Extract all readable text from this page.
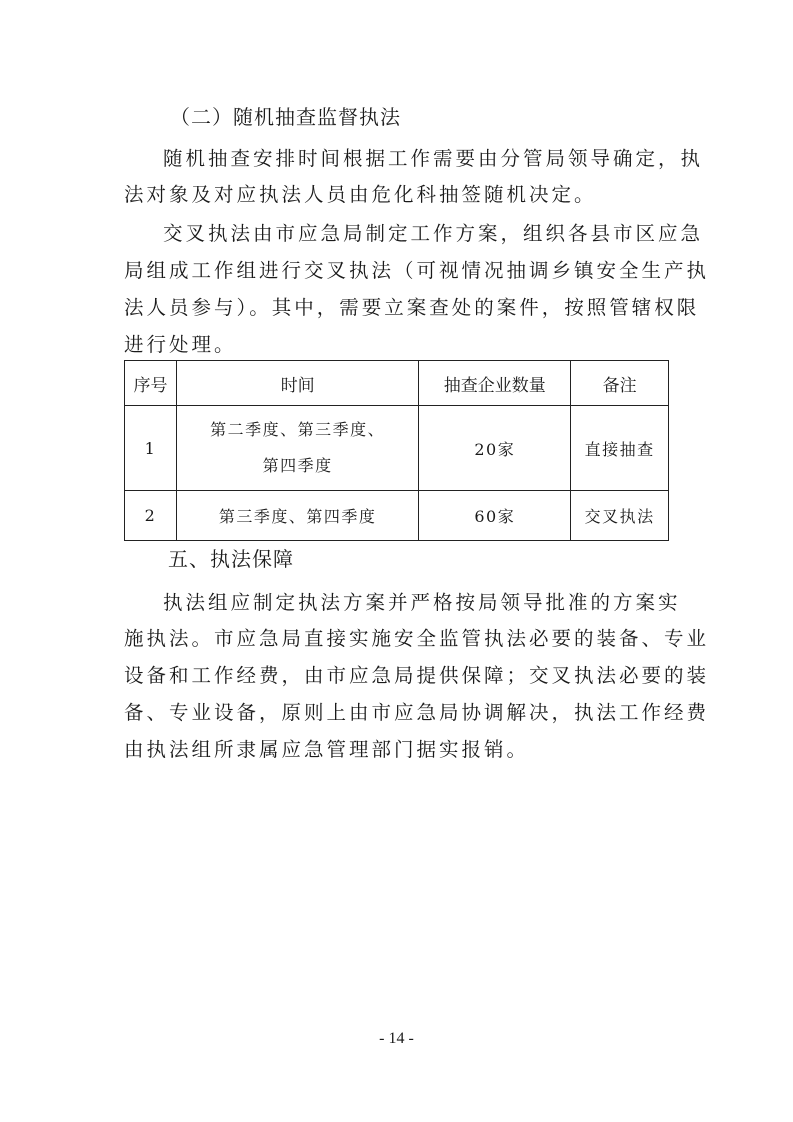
（二）随机抽查监督执法
随机抽查安排时间根据工作需要由分管局领导确定，执
法对象及对应执法人员由危化科抽签随机决定。
交叉执法由市应急局制定工作方案，组织各县市区应急
局组成工作组进行交叉执法（可视情况抽调乡镇安全生产执
法人员参与）。其中，需要立案查处的案件，按照管辖权限
进行处理。
序号	时间	抽查企业数量	备注
1	第二季度、第三季度、
第四季度	20家	直接抽查
2	第三季度、第四季度	60家	交叉执法
五、执法保障
执法组应制定执法方案并严格按局领导批准的方案实
施执法。市应急局直接实施安全监管执法必要的装备、专业
设备和工作经费，由市应急局提供保障；交叉执法必要的装
备、专业设备，原则上由市应急局协调解决，执法工作经费
由执法组所隶属应急管理部门据实报销。
- 14 -
